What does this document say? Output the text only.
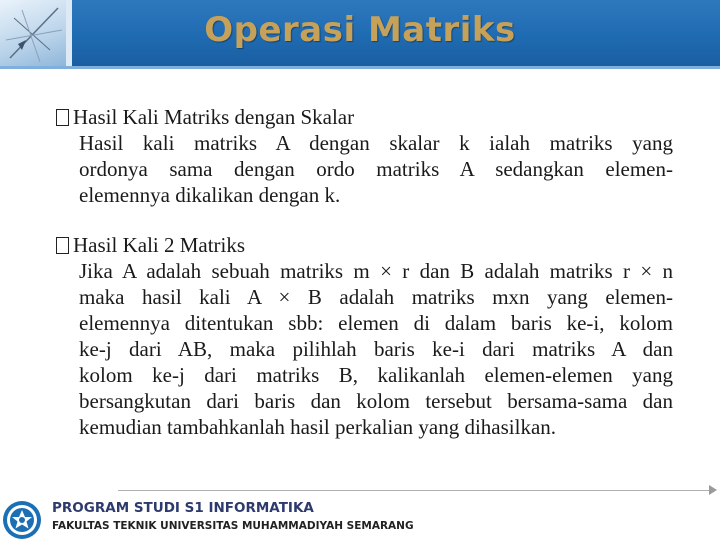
Operasi Matriks
Hasil Kali Matriks dengan Skalar
Hasil kali matriks A dengan skalar k ialah matriks yang
ordonya sama dengan ordo matriks A sedangkan elemen-
elemennya dikalikan dengan k.
Hasil Kali 2 Matriks
Jika A adalah sebuah matriks m × r dan B adalah matriks r × n
maka hasil kali A × B adalah matriks mxn yang elemen-
elemennya ditentukan sbb: elemen di dalam baris ke-i, kolom
ke-j dari AB, maka pilihlah baris ke-i dari matriks A dan
kolom ke-j dari matriks B, kalikanlah elemen-elemen yang
bersangkutan dari baris dan kolom tersebut bersama-sama dan
kemudian tambahkanlah hasil perkalian yang dihasilkan.
PROGRAM STUDI S1 INFORMATIKA
FAKULTAS TEKNIK UNIVERSITAS MUHAMMADIYAH SEMARANG
